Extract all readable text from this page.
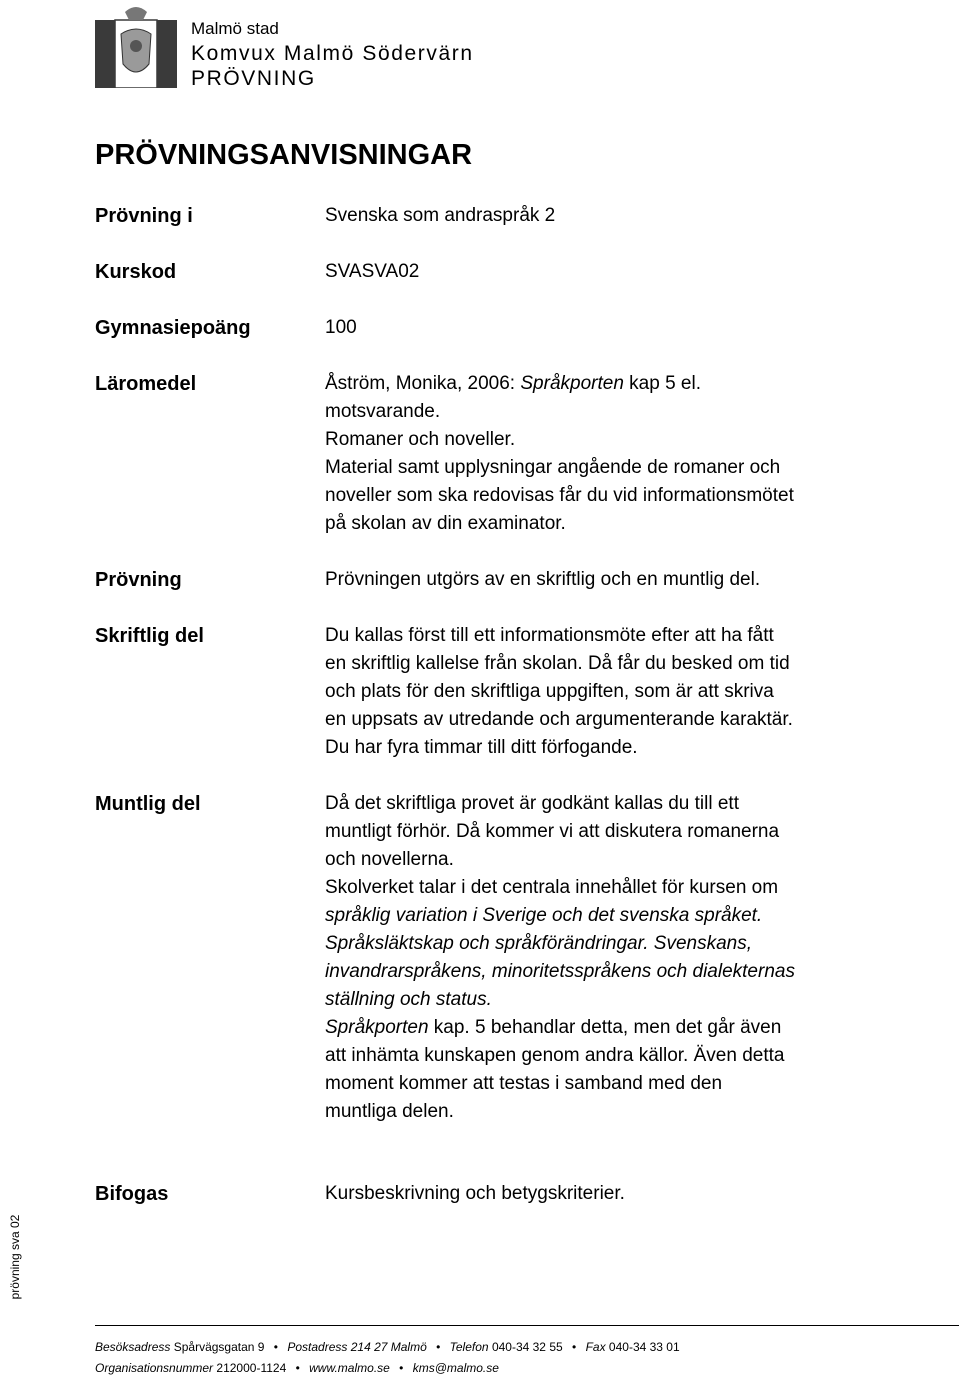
Malmö stad
Komvux Malmö Södervärn
PRÖVNING
PRÖVNINGSANVISNINGAR
Prövning i	Svenska som andraspråk 2
Kurskod	SVASVA02
Gymnasiepoäng	100
Läromedel	Åström, Monika, 2006: Språkporten kap 5 el.

motsvarande.

Romaner och noveller.

Material samt upplysningar angående de romaner och

noveller som ska redovisas får du vid informationsmötet

på skolan av din examinator.

Prövning	Prövningen utgörs av en skriftlig och en muntlig del.
Skriftlig del	Du kallas först till ett informationsmöte efter att ha fått

en skriftlig kallelse från skolan. Då får du besked om tid

och plats för den skriftliga uppgiften, som är att skriva

en uppsats av utredande och argumenterande karaktär.

Du har fyra timmar till ditt förfogande.

Muntlig del	Då det skriftliga provet är godkänt kallas du till ett

muntligt förhör. Då kommer vi att diskutera romanerna

och novellerna.

Skolverket talar i det centrala innehållet för kursen om

språklig variation i Sverige och det svenska språket.

Språksläktskap och språkförändringar. Svenskans,

invandrarspråkens, minoritetsspråkens och dialekternas

ställning och status.

Språkporten kap. 5 behandlar detta, men det går även

att inhämta kunskapen genom andra källor. Även detta

moment kommer att testas i samband med den

muntliga delen.

Bifogas	Kursbeskrivning och betygskriterier.
prövning sva 02
Besöksadress Spårvägsgatan 9 • Postadress 214 27 Malmö • Telefon 040-34 32 55 • Fax 040-34 33 01
Organisationsnummer 212000-1124 • www.malmo.se • kms@malmo.se
